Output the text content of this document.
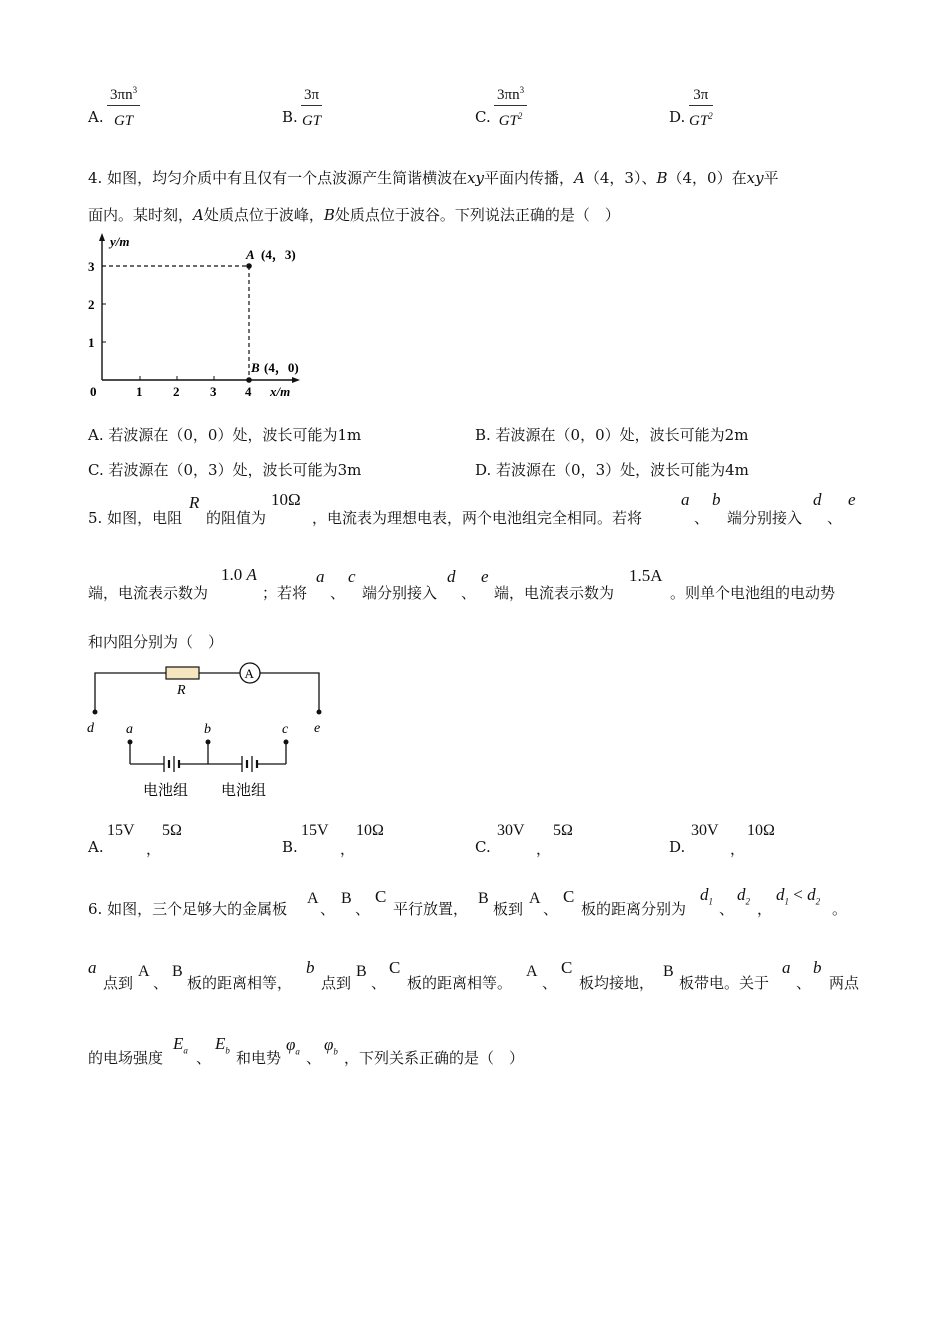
A. $\frac{3\pi n^3}{GT}$	B. $\frac{3\pi}{GT}$	C. $\frac{3\pi n^3}{GT^2}$	D. $\frac{3\pi}{GT^2}$
4. 如图，均匀介质中有且仅有一个点波源产生简谐横波在xy平面内传播，A（4，3）、B（4，0）在xy平
面内。某时刻，A处质点位于波峰，B处质点位于波谷。下列说法正确的是（　）
y/m
x/m
0	1 2 3 4
1
2
3
A (4，3)
B (4，0)
A. 若波源在（0，0）处，波长可能为1m	B. 若波源在（0，0）处，波长可能为2m
C. 若波源在（0，3）处，波长可能为3m	D. 若波源在（0，3）处，波长可能为4m
5. 如图，电阻
R
的阻值为
10Ω
，电流表为理想电表，两个电池组完全相同。若将
a
、
b
端分别接入
d
、
e
端，电流表示数为
1.0 A
；若将
a
、
c
端分别接入
d
、
e
端，电流表示数为
1.5A
。则单个电池组的电动势
和内阻分别为（　）
A
R
d	e
a	b	c
电池组 电池组
A.
15V
，
5Ω
B.
15V
，
10Ω
C.
30V
，
5Ω
D.
30V
，
10Ω
6. 如图，三个足够大的金属板
A
、
B
、
C
平行放置，
B
板到
A
、
C
板的距离分别为
$d_1$ 、
$d_2$ ，
$d_1 < d_2$ 。
a
点到
A
、
B
板的距离相等，
b
点到
B
、
C
板的距离相等。
A
、
C
板均接地，
B
板带电。关于
a
、
b
两点
的电场强度
$E_a$ 、
$E_b$ 和电势
$\varphi_a$ 、
$\varphi_b$ ，下列关系正确的是（　）
